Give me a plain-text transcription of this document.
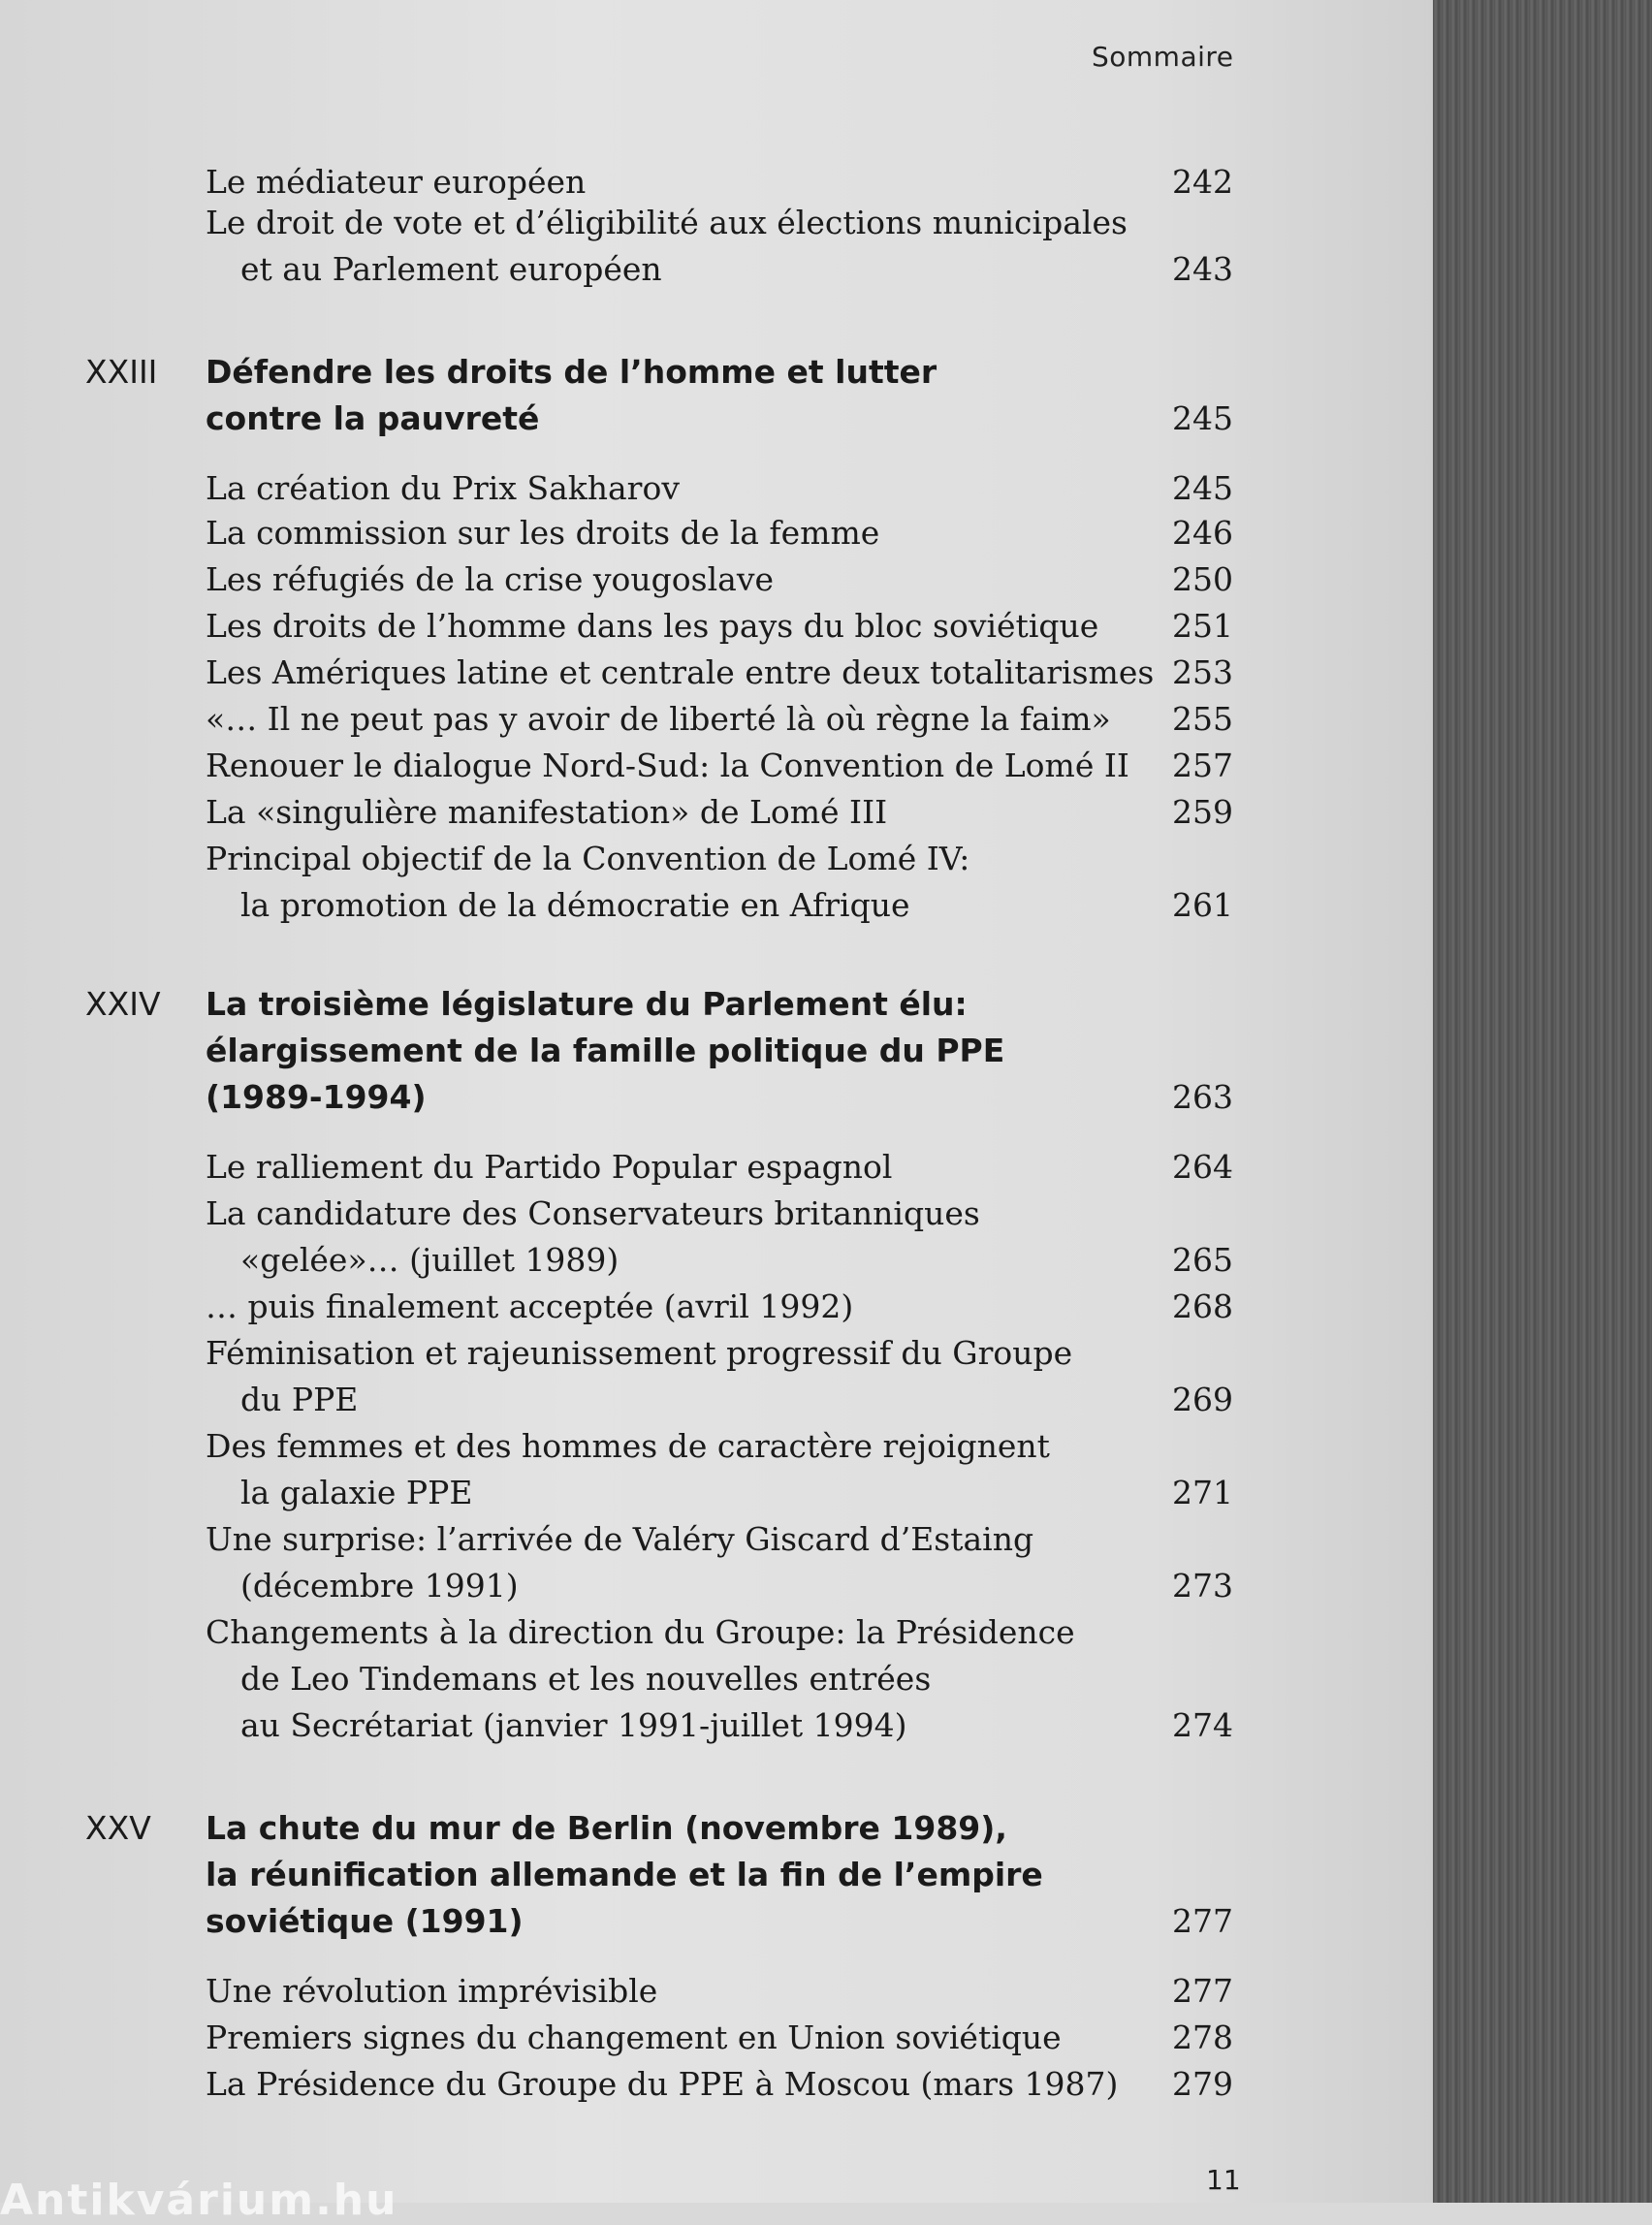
Sommaire
Le médiateur européen	242
Le droit de vote et d’éligibilité aux élections municipales
et au Parlement européen	243
XXIII Défendre les droits de l’homme et lutter
contre la pauvreté	245
La création du Prix Sakharov	245
La commission sur les droits de la femme	246
Les réfugiés de la crise yougoslave	250
Les droits de l’homme dans les pays du bloc soviétique 251
Les Amériques latine et centrale entre deux totalitarismes 253
«… Il ne peut pas y avoir de liberté là où règne la faim» 255
Renouer le dialogue Nord-Sud: la Convention de Lomé II 257
La «singulière manifestation» de Lomé III	259
Principal objectif de la Convention de Lomé IV:
la promotion de la démocratie en Afrique	261
XXIV La troisième législature du Parlement élu:
élargissement de la famille politique du PPE
(1989-1994)	263
Le ralliement du Partido Popular espagnol	264
La candidature des Conservateurs britanniques
«gelée»… (juillet 1989)	265
… puis finalement acceptée (avril 1992)	268
Féminisation et rajeunissement progressif du Groupe
du PPE	269
Des femmes et des hommes de caractère rejoignent
la galaxie PPE	271
Une surprise: l’arrivée de Valéry Giscard d’Estaing
(décembre 1991)	273
Changements à la direction du Groupe: la Présidence
de Leo Tindemans et les nouvelles entrées
au Secrétariat (janvier 1991-juillet 1994)	274
XXV La chute du mur de Berlin (novembre 1989),
la réunification allemande et la fin de l’empire
soviétique (1991)	277
Une révolution imprévisible	277
Premiers signes du changement en Union soviétique	278
La Présidence du Groupe du PPE à Moscou (mars 1987) 279
11
Antikvárium.hu
